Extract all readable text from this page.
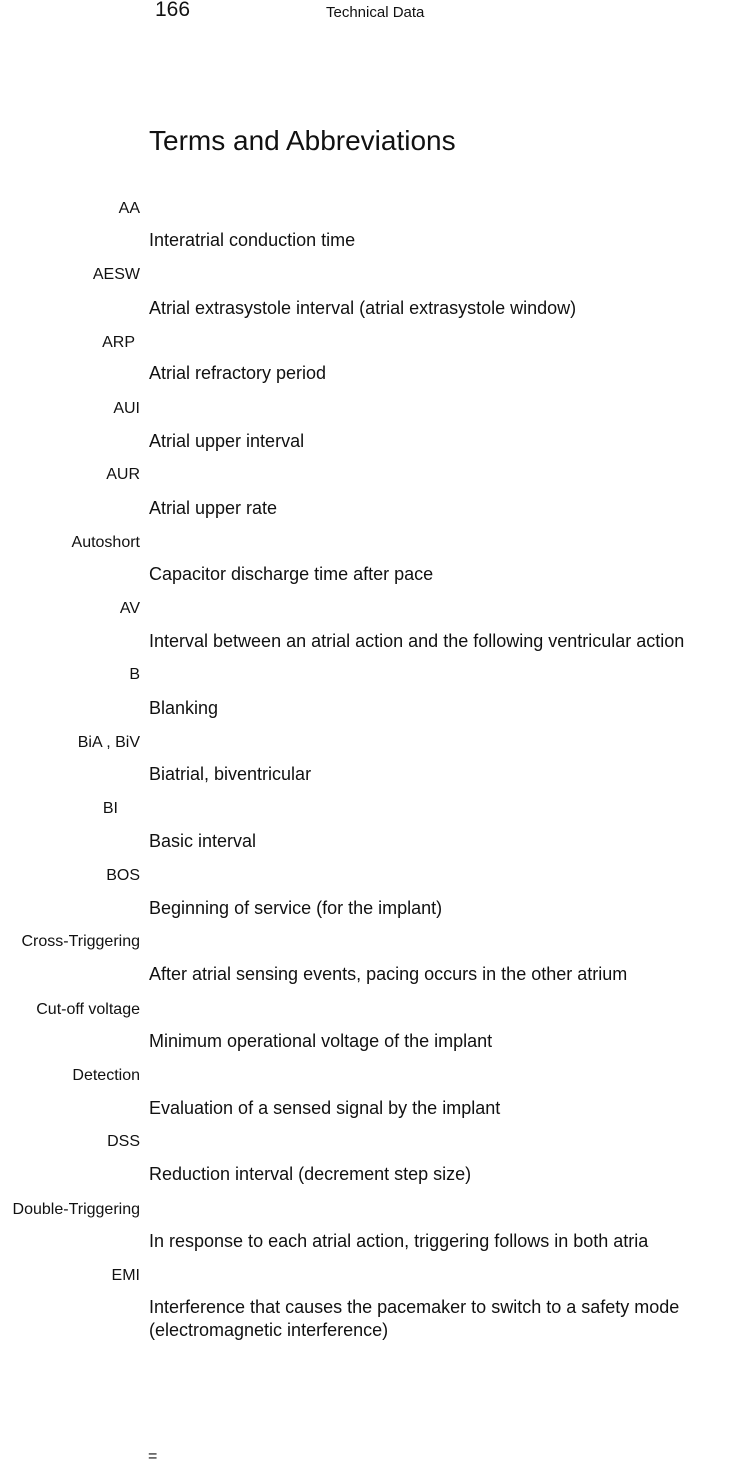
166	Technical Data
Terms and Abbreviations
AA
Interatrial conduction time
AESW
Atrial extrasystole interval (atrial extrasystole window)
ARP
Atrial refractory period
AUI
Atrial upper interval
AUR
Atrial upper rate
Autoshort
Capacitor discharge time after pace
AV
Interval between an atrial action and the following ventricular action
B
Blanking
BiA , BiV
Biatrial, biventricular
BI
Basic interval
BOS
Beginning of service (for the implant)
Cross-Triggering
After atrial sensing events, pacing occurs in the other atrium
Cut-off voltage
Minimum operational voltage of the implant
Detection
Evaluation of a sensed signal by the implant
DSS
Reduction interval (decrement step size)
Double-Triggering
In response to each atrial action, triggering follows in both atria
EMI
Interference that causes the pacemaker to switch to a safety mode
(electromagnetic interference)
=
